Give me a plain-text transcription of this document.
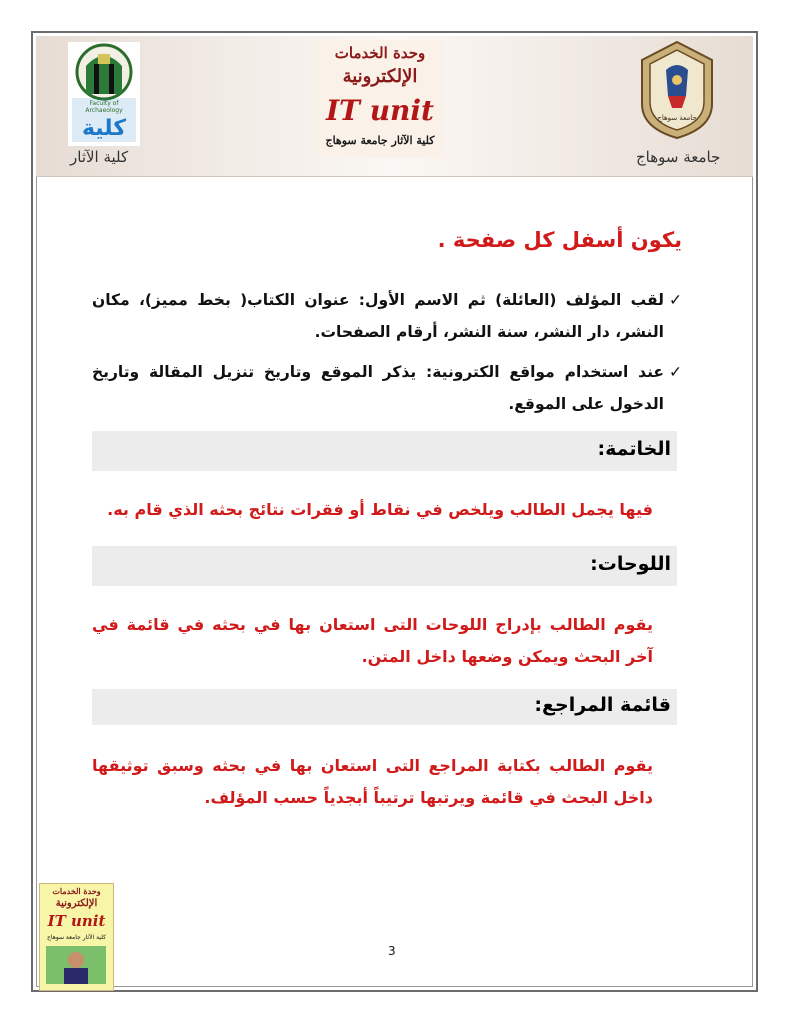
كلية
Faculty of Archaeology
كلية الآثار
جامعة سوهاج
جامعة سوهاج
وحدة الخدمات
الإلكترونية
IT unit
كلية الآثار جامعة سوهاج
يكون أسفل كل صفحة .
✓
لقب المؤلف (العائلة) ثم الاسم الأول: عنوان الكتاب( بخط مميز)، مكان النشر، دار النشر، سنة النشر، أرقام الصفحات.
✓
عند استخدام مواقع الكترونية: يذكر الموقع وتاريخ تنزيل المقالة وتاريخ الدخول على الموقع.
الخاتمة:
فيها يجمل الطالب ويلخص في نقاط أو فقرات نتائج بحثه الذي قام به.
اللوحات:
يقوم الطالب بإدراج اللوحات التى استعان بها في بحثه في قائمة في آخر البحث ويمكن وضعها داخل المتن.
قائمة المراجع:
يقوم الطالب بكتابة المراجع التى استعان بها في بحثه وسبق توثيقها داخل البحث في قائمة ويرتبها ترتيباً أبجدياً حسب المؤلف.
وحدة الخدمات
الإلكترونية
IT unit
كلية الآثار جامعة سوهاج
3
